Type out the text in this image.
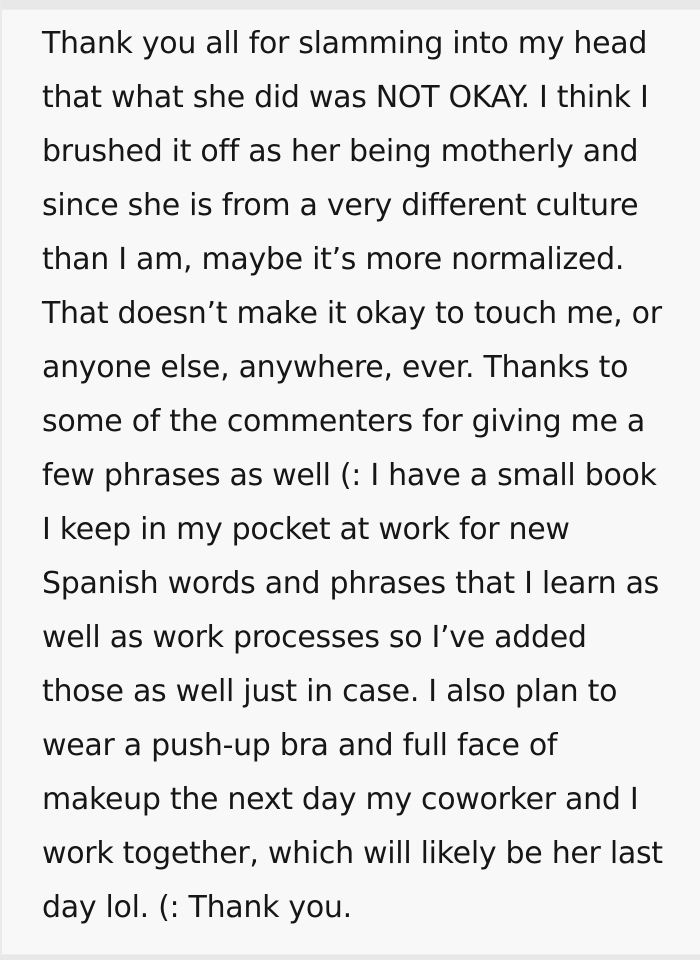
Thank you all for slamming into my head
that what she did was NOT OKAY. I think I
brushed it off as her being motherly and
since she is from a very different culture
than I am, maybe it’s more normalized.
That doesn’t make it okay to touch me, or
anyone else, anywhere, ever. Thanks to
some of the commenters for giving me a
few phrases as well (: I have a small book
I keep in my pocket at work for new
Spanish words and phrases that I learn as
well as work processes so I’ve added
those as well just in case. I also plan to
wear a push-up bra and full face of
makeup the next day my coworker and I
work together, which will likely be her last
day lol. (: Thank you.
